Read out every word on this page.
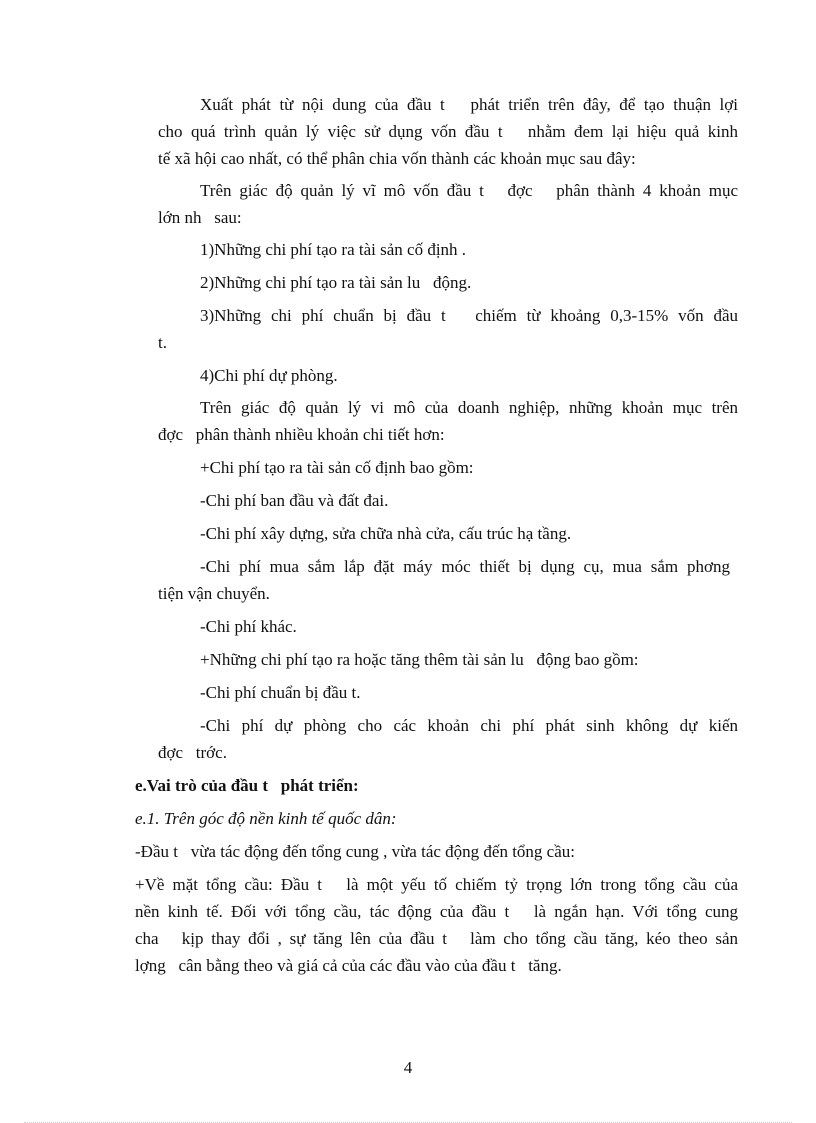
Xuất phát từ nội dung của đầu t   phát triển trên đây, để tạo thuận lợi
cho quá trình quản lý việc sử dụng vốn đầu t   nhằm đem lại hiệu quả kinh
tế xã hội cao nhất, có thể phân chia vốn thành các khoản mục sau đây:
Trên giác độ quản lý vĩ mô vốn đầu t   đợc   phân thành 4 khoản mục
lớn nh   sau:
1)Những chi phí tạo ra tài sản cố định .
2)Những chi phí tạo ra tài sản lu   động.
3)Những chi phí chuẩn bị đầu t   chiếm từ khoảng 0,3-15% vốn đầu
t.
4)Chi phí dự phòng.
Trên giác độ quản lý vi mô của doanh nghiệp, những khoản mục trên
đợc   phân thành nhiều khoản chi tiết hơn:
+Chi phí tạo ra tài sản cố định bao gồm:
-Chi phí ban đầu và đất đai.
-Chi phí xây dựng, sửa chữa nhà cửa, cấu trúc hạ tầng.
-Chi phí mua sắm lắp đặt máy móc thiết bị dụng cụ, mua sắm phơng
tiện vận chuyển.
-Chi phí khác.
+Những chi phí tạo ra hoặc tăng thêm tài sản lu   động bao gồm:
-Chi phí chuẩn bị đầu t.
-Chi phí dự phòng cho các khoản chi phí phát sinh không dự kiến
đợc   trớc.
e.Vai trò của đầu t   phát triển:
e.1. Trên góc độ nền kinh tế quốc dân:
-Đầu t   vừa tác động đến tổng cung , vừa tác động đến tổng cầu:
+Về mặt tổng cầu: Đầu t   là một yếu tố chiếm tỷ trọng lớn trong tổng cầu của
nền kinh tế. Đối với tổng cầu, tác động của đầu t   là ngắn hạn. Với tổng cung
cha   kịp thay đổi , sự tăng lên của đầu t   làm cho tổng cầu tăng, kéo theo sản
lợng   cân bằng theo và giá cả của các đầu vào của đầu t   tăng.
4
